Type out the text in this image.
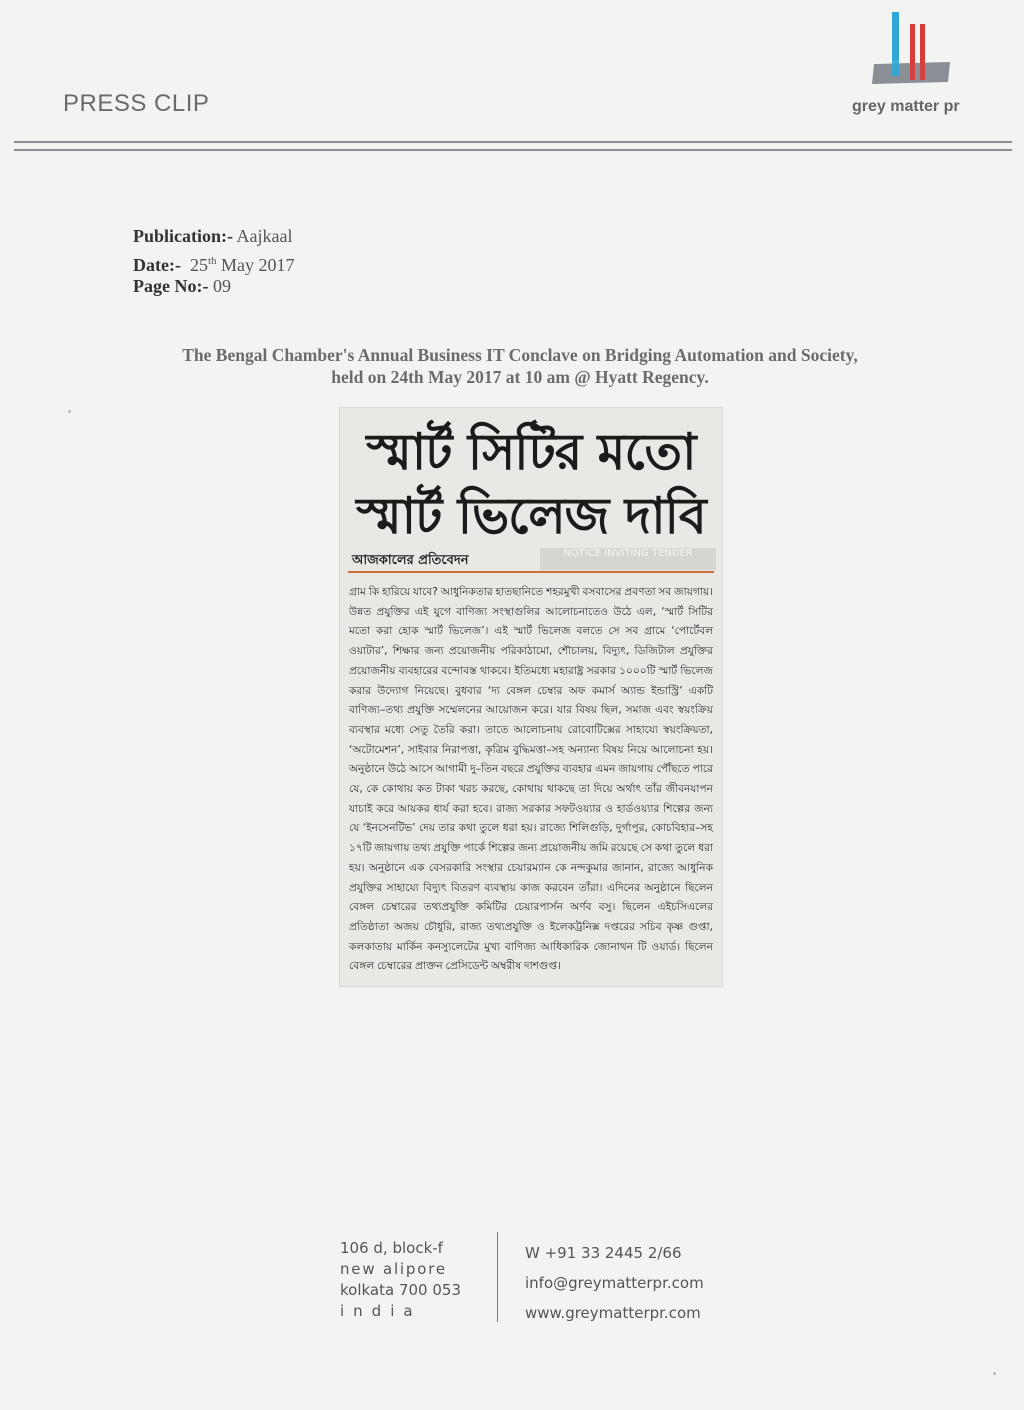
PRESS CLIP	grey matter pr
Publication:- Aajkaal
Date:- 25th May 2017
Page No:- 09
The Bengal Chamber's Annual Business IT Conclave on Bridging Automation and Society,
held on 24th May 2017 at 10 am @ Hyatt Regency.
স্মার্ট সিটির মতো
স্মার্ট ভিলেজ দাবি
NOTICE INVITING TENDER
আজকালের প্রতিবেদন
গ্রাম কি হারিয়ে যাবে? আধুনিকতার হাতছানিতে শহরমুখী বসবাসের প্রবণতা সব জায়গায়। উন্নত প্রযুক্তির এই যুগে বাণিজ্য সংস্থাগুলির আলোচনাতেও উঠে এল, ‘স্মার্ট সিটির মতো করা হোক স্মার্ট ভিলেজ’। এই স্মার্ট ভিলেজ বলতে সে সব গ্রামে ‘পোর্টেবল ওয়াটার’, শিক্ষার জন্য প্রয়োজনীয় পরিকাঠামো, শৌচালয়, বিদ্যুৎ, ডিজিটাল প্রযুক্তির প্রয়োজনীয় ব্যবহারের বন্দোবস্ত থাকবে। ইতিমধ্যে মহারাষ্ট্র সরকার ১০০০টি স্মার্ট ভিলেজ করার উদ্যোগ নিয়েছে। বুধবার ‘দ্য বেঙ্গল চেম্বার অফ কমার্স অ্যান্ড ইন্ডাস্ট্রি’ একটি বাণিজ্য–তথ্য প্রযুক্তি সম্মেলনের আয়োজন করে। যার বিষয় ছিল, সমাজ এবং স্বয়ংক্রিয় ব্যবস্থার মধ্যে সেতু তৈরি করা। তাতে আলোচনায় রোবোটিক্সের সাহায্যে স্বয়ংক্রিয়তা, ‘অটোমেশন’, সাইবার নিরাপত্তা, কৃত্রিম বুদ্ধিমত্তা–সহ অন্যান্য বিষয় নিয়ে আলোচনা হয়। অনুষ্ঠানে উঠে আসে আগামী দু–তিন বছরে প্রযুক্তির ব্যবহার এমন জায়গায় পৌঁছতে পারে যে, কে কোথায় কত টাকা খরচ করছে, কোথায় থাকছে তা দিয়ে অর্থাৎ তাঁর জীবনযাপন যাচাই করে আয়কর ধার্য করা হবে। রাজ্য সরকার সফটওয়্যার ও হার্ডওয়্যার শিল্পের জন্য যে ‘ইনসেনটিভ’ দেয় তার কথা তুলে ধরা হয়। রাজ্যে শিলিগুড়ি, দুর্গাপুর, কোচবিহার–সহ ১৭টি জায়গায় তথ্য প্রযুক্তি পার্কে শিল্পের জন্য প্রয়োজনীয় জমি রয়েছে সে কথা তুলে ধরা হয়। অনুষ্ঠানে এক বেসরকারি সংস্থার চেয়ারম্যান কে নন্দকুমার জানান, রাজ্যে আধুনিক প্রযুক্তির সাহায্যে বিদ্যুৎ বিতরণ ব্যবস্থায় কাজ করবেন তাঁরা। এদিনের অনুষ্ঠানে ছিলেন বেঙ্গল চেম্বারের তথ্যপ্রযুক্তি কমিটির চেয়ারপার্সন অর্ণব বসু। ছিলেন এইচসিএলের প্রতিষ্ঠাতা অজয় চৌধুরি, রাজ্য তথ্যপ্রযুক্তি ও ইলেকট্রনিক্স দপ্তরের সচিব কৃষ্ণ গুপ্তা, কলকাতায় মার্কিন কনস্যুলেটের মুখ্য বাণিজ্য আধিকারিক জোনাথন টি ওয়ার্ড। ছিলেন বেঙ্গল চেম্বারের প্রাক্তন প্রেসিডেন্ট অম্বরীষ দাশগুপ্ত।
106 d, block-f
new alipore
kolkata 700 053
india
W +91 33 2445 2/66
info@greymatterpr.com
www.greymatterpr.com
